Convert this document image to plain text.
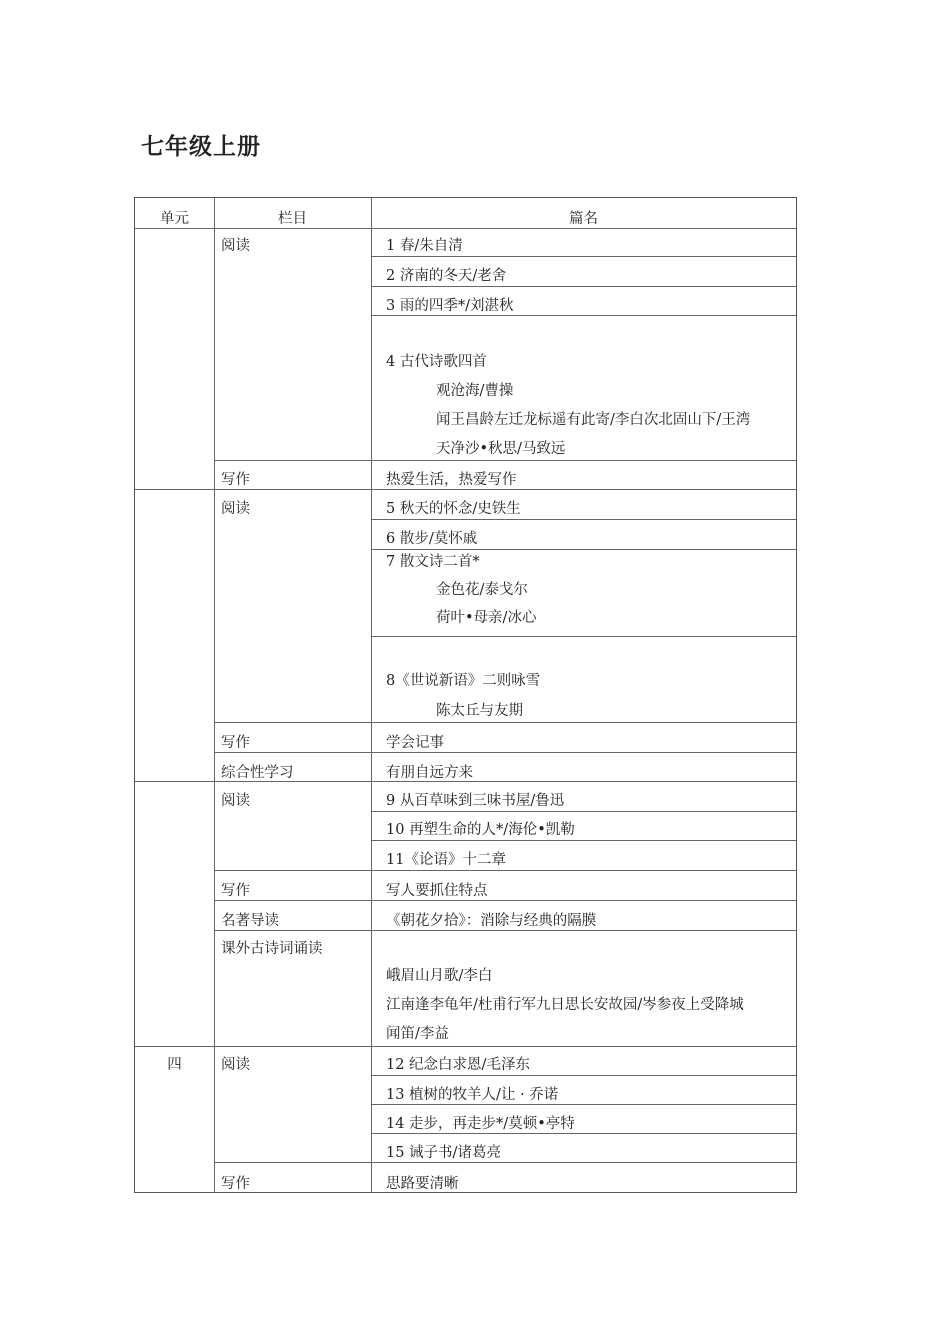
七年级上册
单元	栏目	篇名
阅读	1 春/朱自清
2 济南的冬天/老舍
3 雨的四季*/刘湛秋
4 古代诗歌四首
观沧海/曹操
闻王昌龄左迁龙标遥有此寄/李白次北固山下/王湾
天净沙•秋思/马致远
写作	热爱生活，热爱写作
阅读	5 秋天的怀念/史铁生
6 散步/莫怀戚
7 散文诗二首*
金色花/泰戈尔
荷叶•母亲/冰心
8《世说新语》二则咏雪
陈太丘与友期
写作	学会记事
综合性学习	有朋自远方来
阅读	9 从百草味到三味书屋/鲁迅
10 再塑生命的人*/海伦•凯勒
11《论语》十二章
写作	写人要抓住特点
名著导读	《朝花夕拾》：消除与经典的隔膜
课外古诗词诵读
峨眉山月歌/李白
江南逢李龟年/杜甫行军九日思长安故园/岑参夜上受降城
闻笛/李益
四	阅读	12 纪念白求恩/毛泽东
13 植树的牧羊人/让 · 乔诺
14 走步，再走步*/莫顿•亭特
15 诫子书/诸葛亮
写作	思路要清晰
